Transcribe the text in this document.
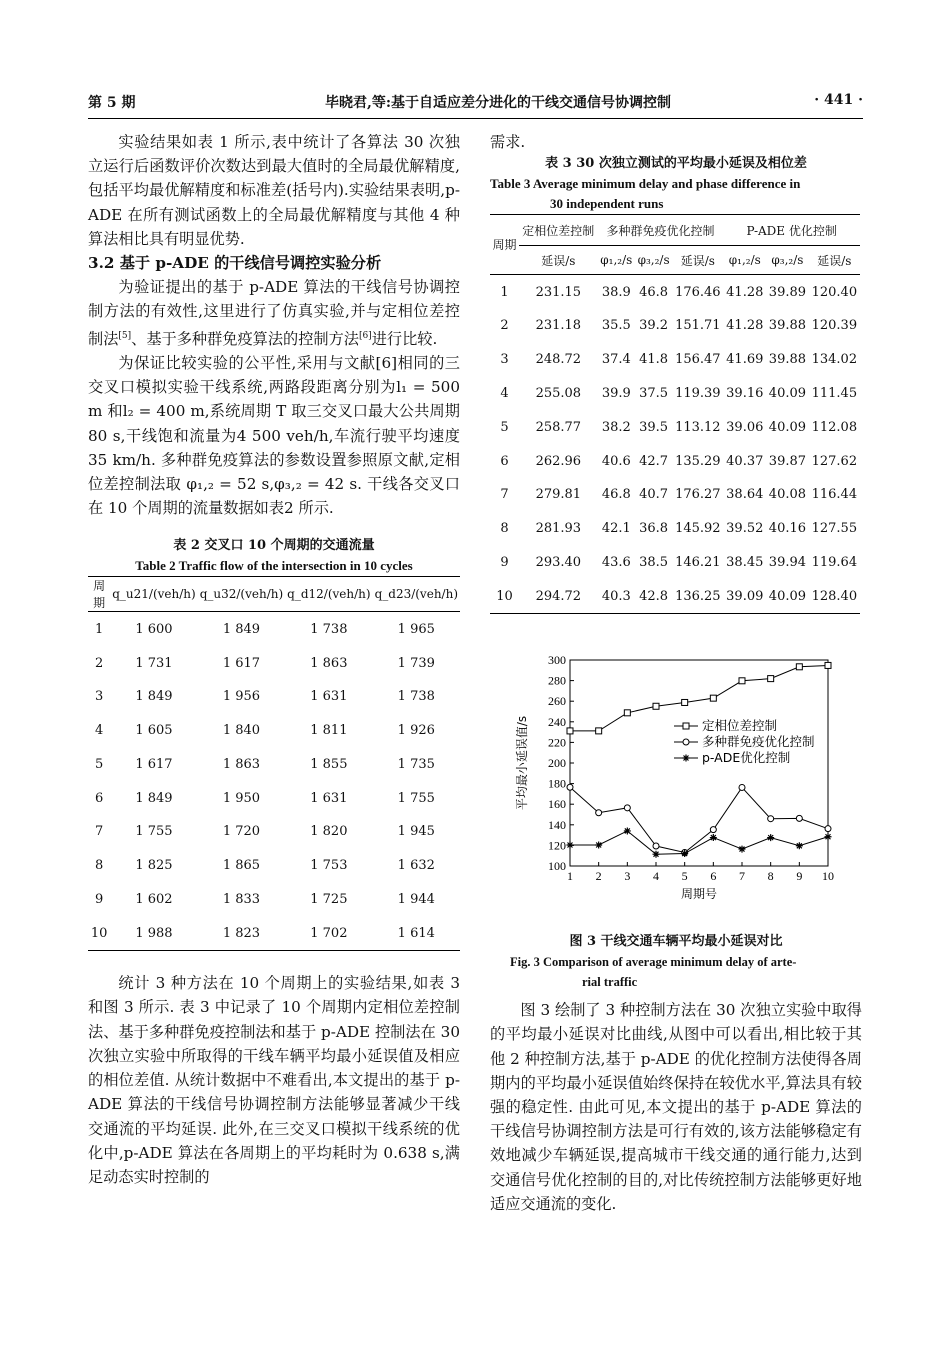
第 5 期	毕晓君,等:基于自适应差分进化的干线交通信号协调控制	· 441 ·

实验结果如表 1 所示,表中统计了各算法 30 次独立运行后函数评价次数达到最大值时的全局最优解精度,包括平均最优解精度和标准差(括号内).实验结果表明,p-ADE 在所有测试函数上的全局最优解精度与其他 4 种算法相比具有明显优势.

3.2 基于 p-ADE 的干线信号调控实验分析

为验证提出的基于 p-ADE 算法的干线信号协调控制方法的有效性,这里进行了仿真实验,并与定相位差控制法[5]、基于多种群免疫算法的控制方法[6]进行比较.

为保证比较实验的公平性,采用与文献[6]相同的三交叉口模拟实验干线系统,两路段距离分别为l₁ = 500 m 和l₂ = 400 m,系统周期 T 取三交叉口最大公共周期80 s,干线饱和流量为4 500 veh/h,车流行驶平均速度 35 km/h. 多种群免疫算法的参数设置参照原文献,定相位差控制法取 φ₁,₂ = 52 s,φ₃,₂ = 42 s. 干线各交叉口在 10 个周期的流量数据如表2 所示.

表 2 交叉口 10 个周期的交通流量
Table 2 Traffic flow of the intersection in 10 cycles
周期	q_u21/(veh/h)	q_u32/(veh/h)	q_d12/(veh/h)	q_d23/(veh/h)
1	1 600	1 849	1 738	1 965
2	1 731	1 617	1 863	1 739
3	1 849	1 956	1 631	1 738
4	1 605	1 840	1 811	1 926
5	1 617	1 863	1 855	1 735
6	1 849	1 950	1 631	1 755
7	1 755	1 720	1 820	1 945
8	1 825	1 865	1 753	1 632
9	1 602	1 833	1 725	1 944
10	1 988	1 823	1 702	1 614

统计 3 种方法在 10 个周期上的实验结果,如表 3 和图 3 所示. 表 3 中记录了 10 个周期内定相位差控制法、基于多种群免疫控制法和基于 p-ADE 控制法在 30 次独立实验中所取得的干线车辆平均最小延误值及相应的相位差值. 从统计数据中不难看出,本文提出的基于 p-ADE 算法的干线信号协调控制方法能够显著减少干线交通流的平均延误. 此外,在三交叉口模拟干线系统的优化中,p-ADE 算法在各周期上的平均耗时为 0.638 s,满足动态实时控制的

需求.

表 3 30 次独立测试的平均最小延误及相位差
Table 3 Average minimum delay and phase difference in
30 independent runs
周期	定相位差控制	多种群免疫优化控制			P-ADE 优化控制		
	延误/s	φ₁,₂/s	φ₃,₂/s	延误/s	φ₁,₂/s	φ₃,₂/s	延误/s
1	231.15	38.9	46.8	176.46	41.28	39.89	120.40
2	231.18	35.5	39.2	151.71	41.28	39.88	120.39
3	248.72	37.4	41.8	156.47	41.69	39.88	134.02
4	255.08	39.9	37.5	119.39	39.16	40.09	111.45
5	258.77	38.2	39.5	113.12	39.06	40.09	112.08
6	262.96	40.6	42.7	135.29	40.37	39.87	127.62
7	279.81	46.8	40.7	176.27	38.64	40.08	116.44
8	281.93	42.1	36.8	145.92	39.52	40.16	127.55
9	293.40	43.6	38.5	146.21	38.45	39.94	119.64
10	294.72	40.3	42.8	136.25	39.09	40.09	128.40
100
120
140
160
180
200
220
240
260
280
300
1 2 3 4 5 6 7 8 9 10
周期号
平均最小延误值/s	定相位差控制
多种群免疫优化控制
p-ADE优化控制
图 3 干线交通车辆平均最小延误对比
Fig. 3 Comparison of average minimum delay of arte-
rial traffic

图 3 绘制了 3 种控制方法在 30 次独立实验中取得的平均最小延误对比曲线,从图中可以看出,相比较于其他 2 种控制方法,基于 p-ADE 的优化控制方法使得各周期内的平均最小延误值始终保持在较优水平,算法具有较强的稳定性. 由此可见,本文提出的基于 p-ADE 算法的干线信号协调控制方法是可行有效的,该方法能够稳定有效地减少车辆延误,提高城市干线交通的通行能力,达到交通信号优化控制的目的,对比传统控制方法能够更好地适应交通流的变化.
